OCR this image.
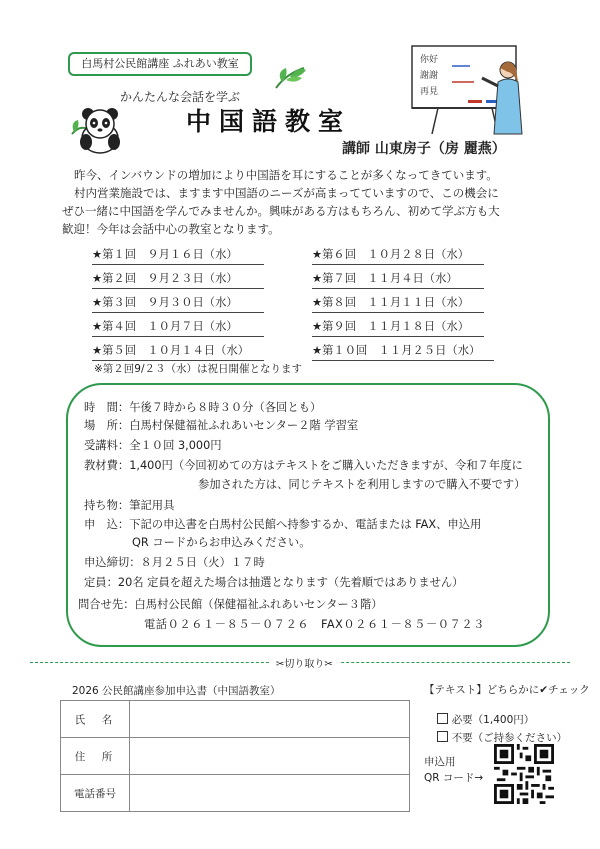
白馬村公民館講座 ふれあい教室
かんたんな会話を学ぶ
中国語教室
講師 山東房子（房 麗燕）
你好
謝謝
再見
昨今、インバウンドの増加により中国語を耳にすることが多くなってきています。
村内営業施設では、ますます中国語のニーズが高まってていますので、この機会に
ぜひ一緒に中国語を学んでみませんか。興味がある方はもちろん、初めて学ぶ方も大
歓迎！今年は会話中心の教室となります。
★第１回　９月１６日（水）
★第２回　９月２３日（水）
★第３回　９月３０日（水）
★第４回　１０月７日（水）
★第５回　１０月１４日（水）
★第６回　１０月２８日（水）
★第７回　１１月４日（水）
★第８回　１１月１１日（水）
★第９回　１１月１８日（水）
★第１０回　１１月２５日（水）
※第２回9/２３（水）は祝日開催となります
時　間：午後７時から８時３０分（各回とも）
場　所：白馬村保健福祉ふれあいセンター２階 学習室
受講料：全１０回 3,000円
教材費：1,400円（今回初めての方はテキストをご購入いただきますが、令和７年度に
参加された方は、同じテキストを利用しますので購入不要です）
持ち物：筆記用具
申　込：下記の申込書を白馬村公民館へ持参するか、電話または FAX、申込用
QR コードからお申込みください。
申込締切：８月２５日（火）１７時
定員：20名 定員を超えた場合は抽選となります（先着順ではありません）
問合せ先：白馬村公民館（保健福祉ふれあいセンター３階）
電話０２６１－８５－０７２６　FAX０２６１－８５－０７２３
✂切り取り✂
2026 公民館講座参加申込書（中国語教室）
氏　名	
住　所	
電話番号	
【テキスト】どちらかに✔チェック

必要（1,400円）

不要（ご持参ください）

申込用
QR コード→
